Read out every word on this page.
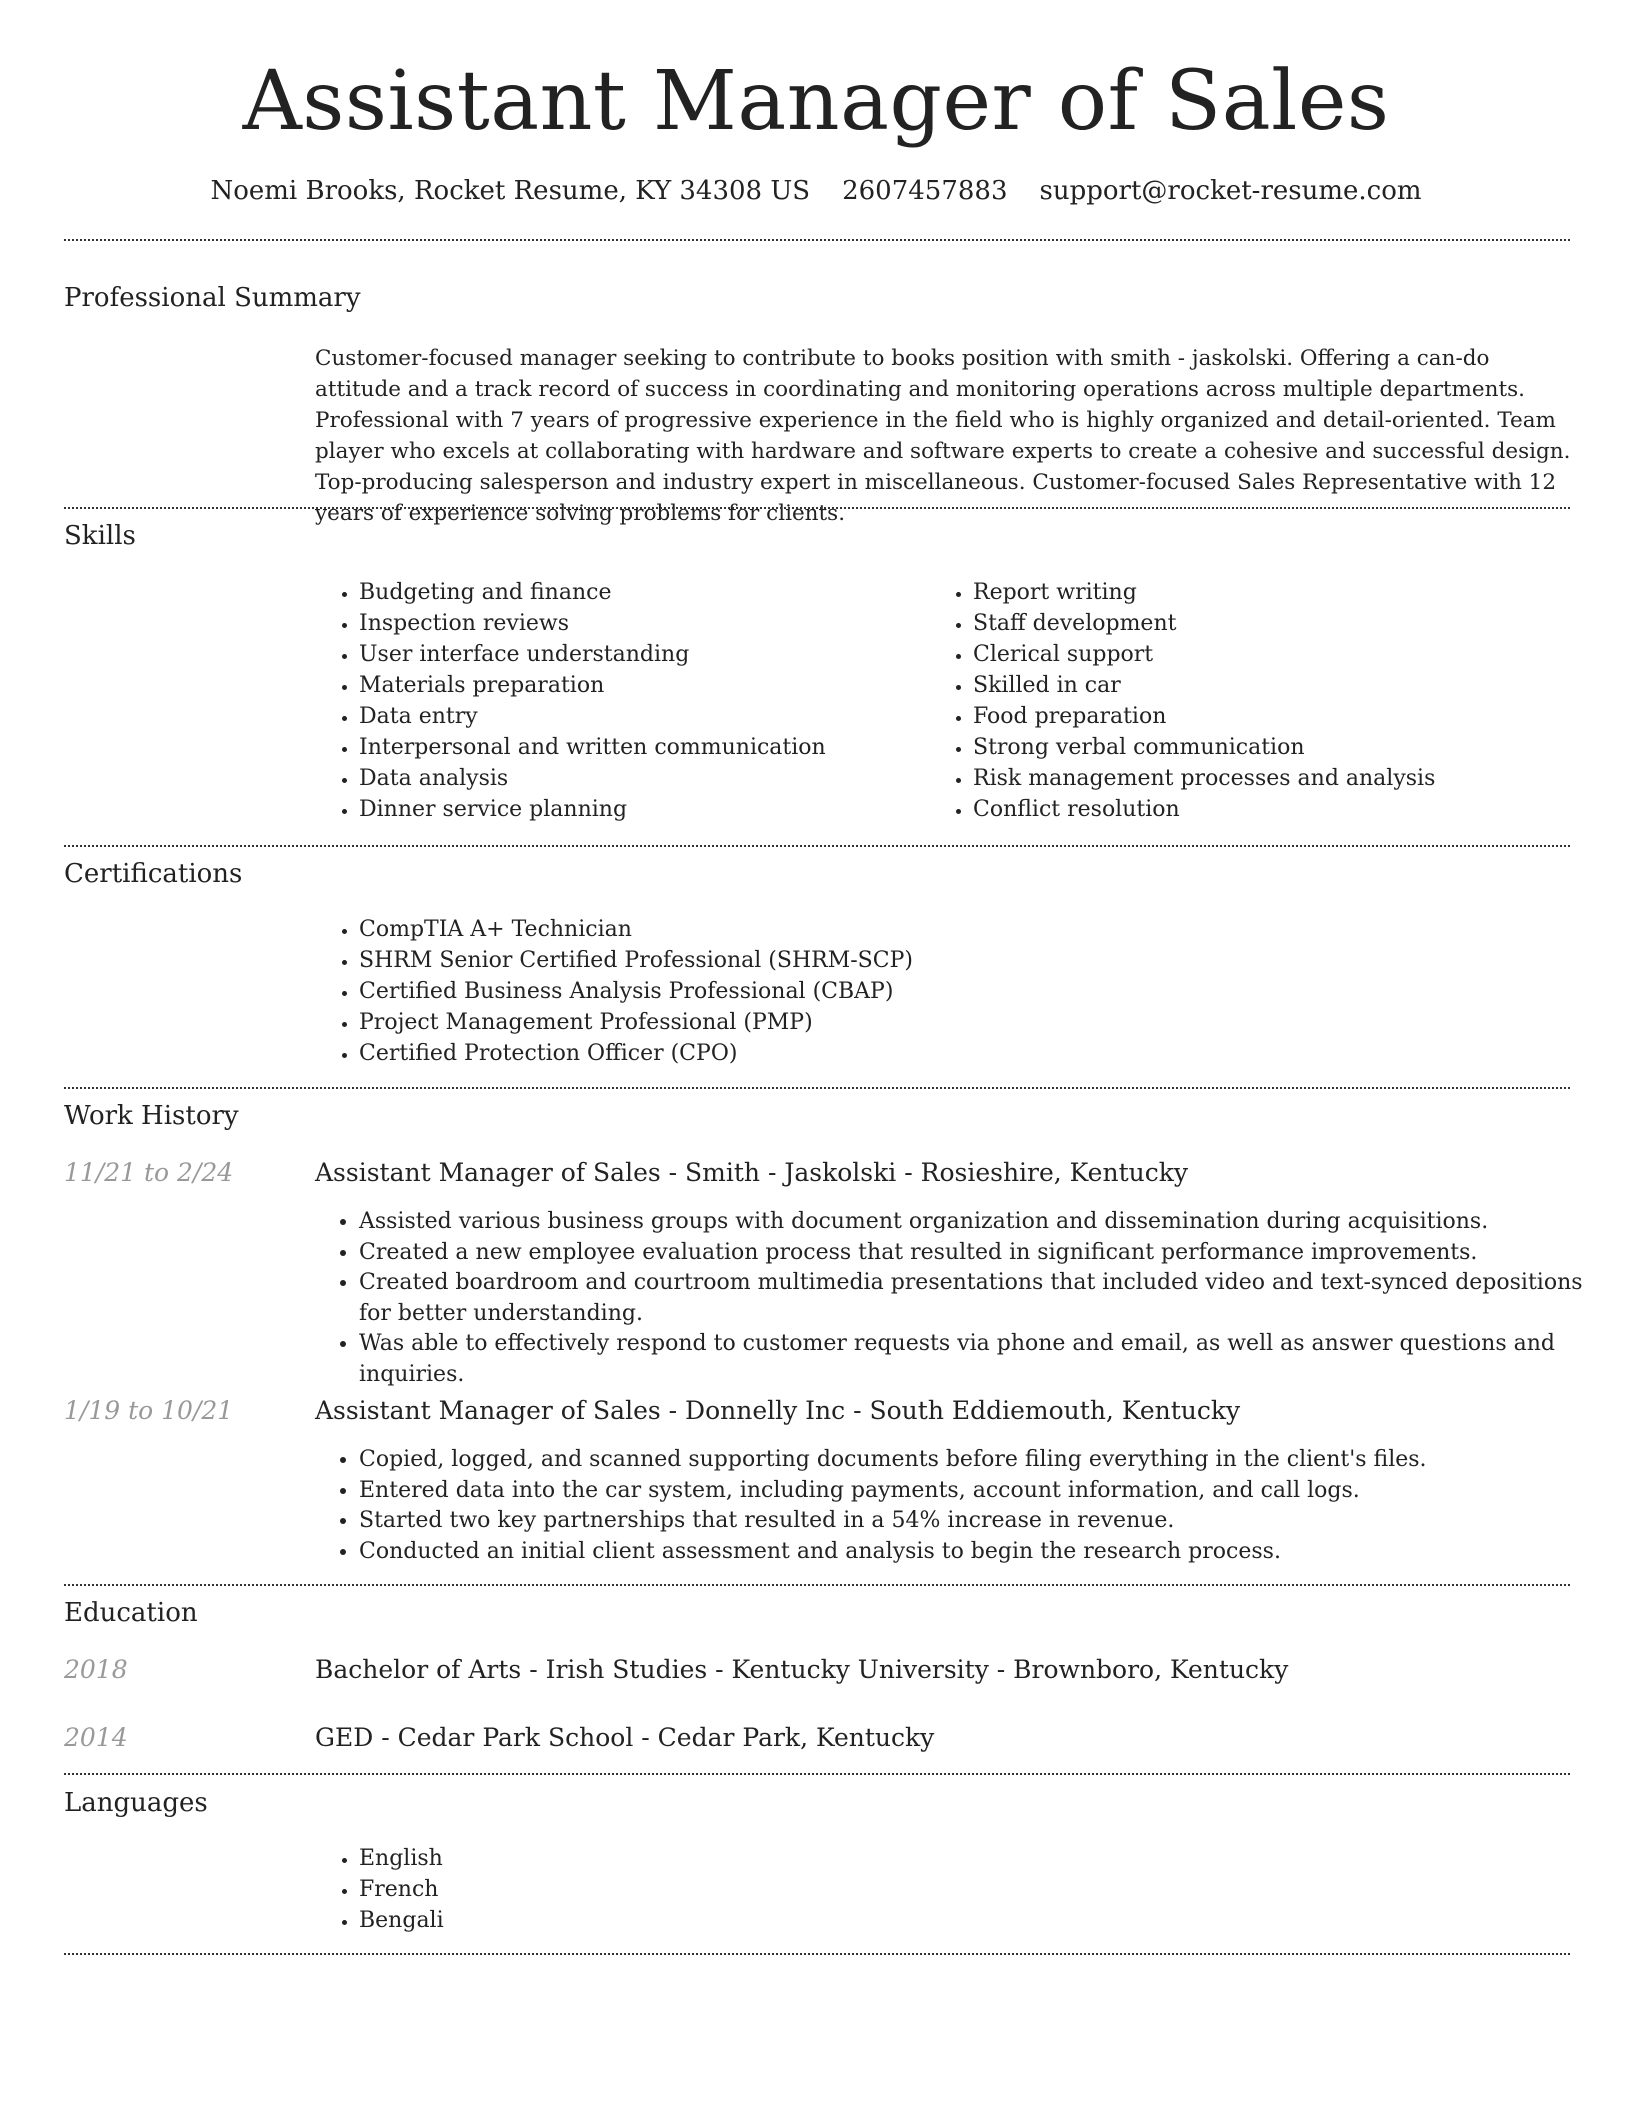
Assistant Manager of Sales
Noemi Brooks, Rocket Resume, KY 34308 US 2607457883 support@rocket-resume.com
Professional Summary
Customer-focused manager seeking to contribute to books position with smith - jaskolski. Offering a can-do attitude and a track record of success in coordinating and monitoring operations across multiple departments. Professional with 7 years of progressive experience in the field who is highly organized and detail-oriented. Team player who excels at collaborating with hardware and software experts to create a cohesive and successful design. Top-producing salesperson and industry expert in miscellaneous. Customer-focused Sales Representative with 12 years of experience solving problems for clients.
Skills
• Budgeting and finance
• Inspection reviews
• User interface understanding
• Materials preparation
• Data entry
• Interpersonal and written communication
• Data analysis
• Dinner service planning
• Report writing
• Staff development
• Clerical support
• Skilled in car
• Food preparation
• Strong verbal communication
• Risk management processes and analysis
• Conflict resolution
Certifications
• CompTIA A+ Technician
• SHRM Senior Certified Professional (SHRM-SCP)
• Certified Business Analysis Professional (CBAP)
• Project Management Professional (PMP)
• Certified Protection Officer (CPO)
Work History
11/21 to 2/24	Assistant Manager of Sales - Smith - Jaskolski - Rosieshire, Kentucky
• Assisted various business groups with document organization and dissemination during acquisitions.
• Created a new employee evaluation process that resulted in significant performance improvements.
• Created boardroom and courtroom multimedia presentations that included video and text-synced depositions for better understanding.
• Was able to effectively respond to customer requests via phone and email, as well as answer questions and inquiries.
1/19 to 10/21	Assistant Manager of Sales - Donnelly Inc - South Eddiemouth, Kentucky
• Copied, logged, and scanned supporting documents before filing everything in the client's files.
• Entered data into the car system, including payments, account information, and call logs.
• Started two key partnerships that resulted in a 54% increase in revenue.
• Conducted an initial client assessment and analysis to begin the research process.
Education
2018	Bachelor of Arts - Irish Studies - Kentucky University - Brownboro, Kentucky
2014	GED - Cedar Park School - Cedar Park, Kentucky
Languages
• English
• French
• Bengali
